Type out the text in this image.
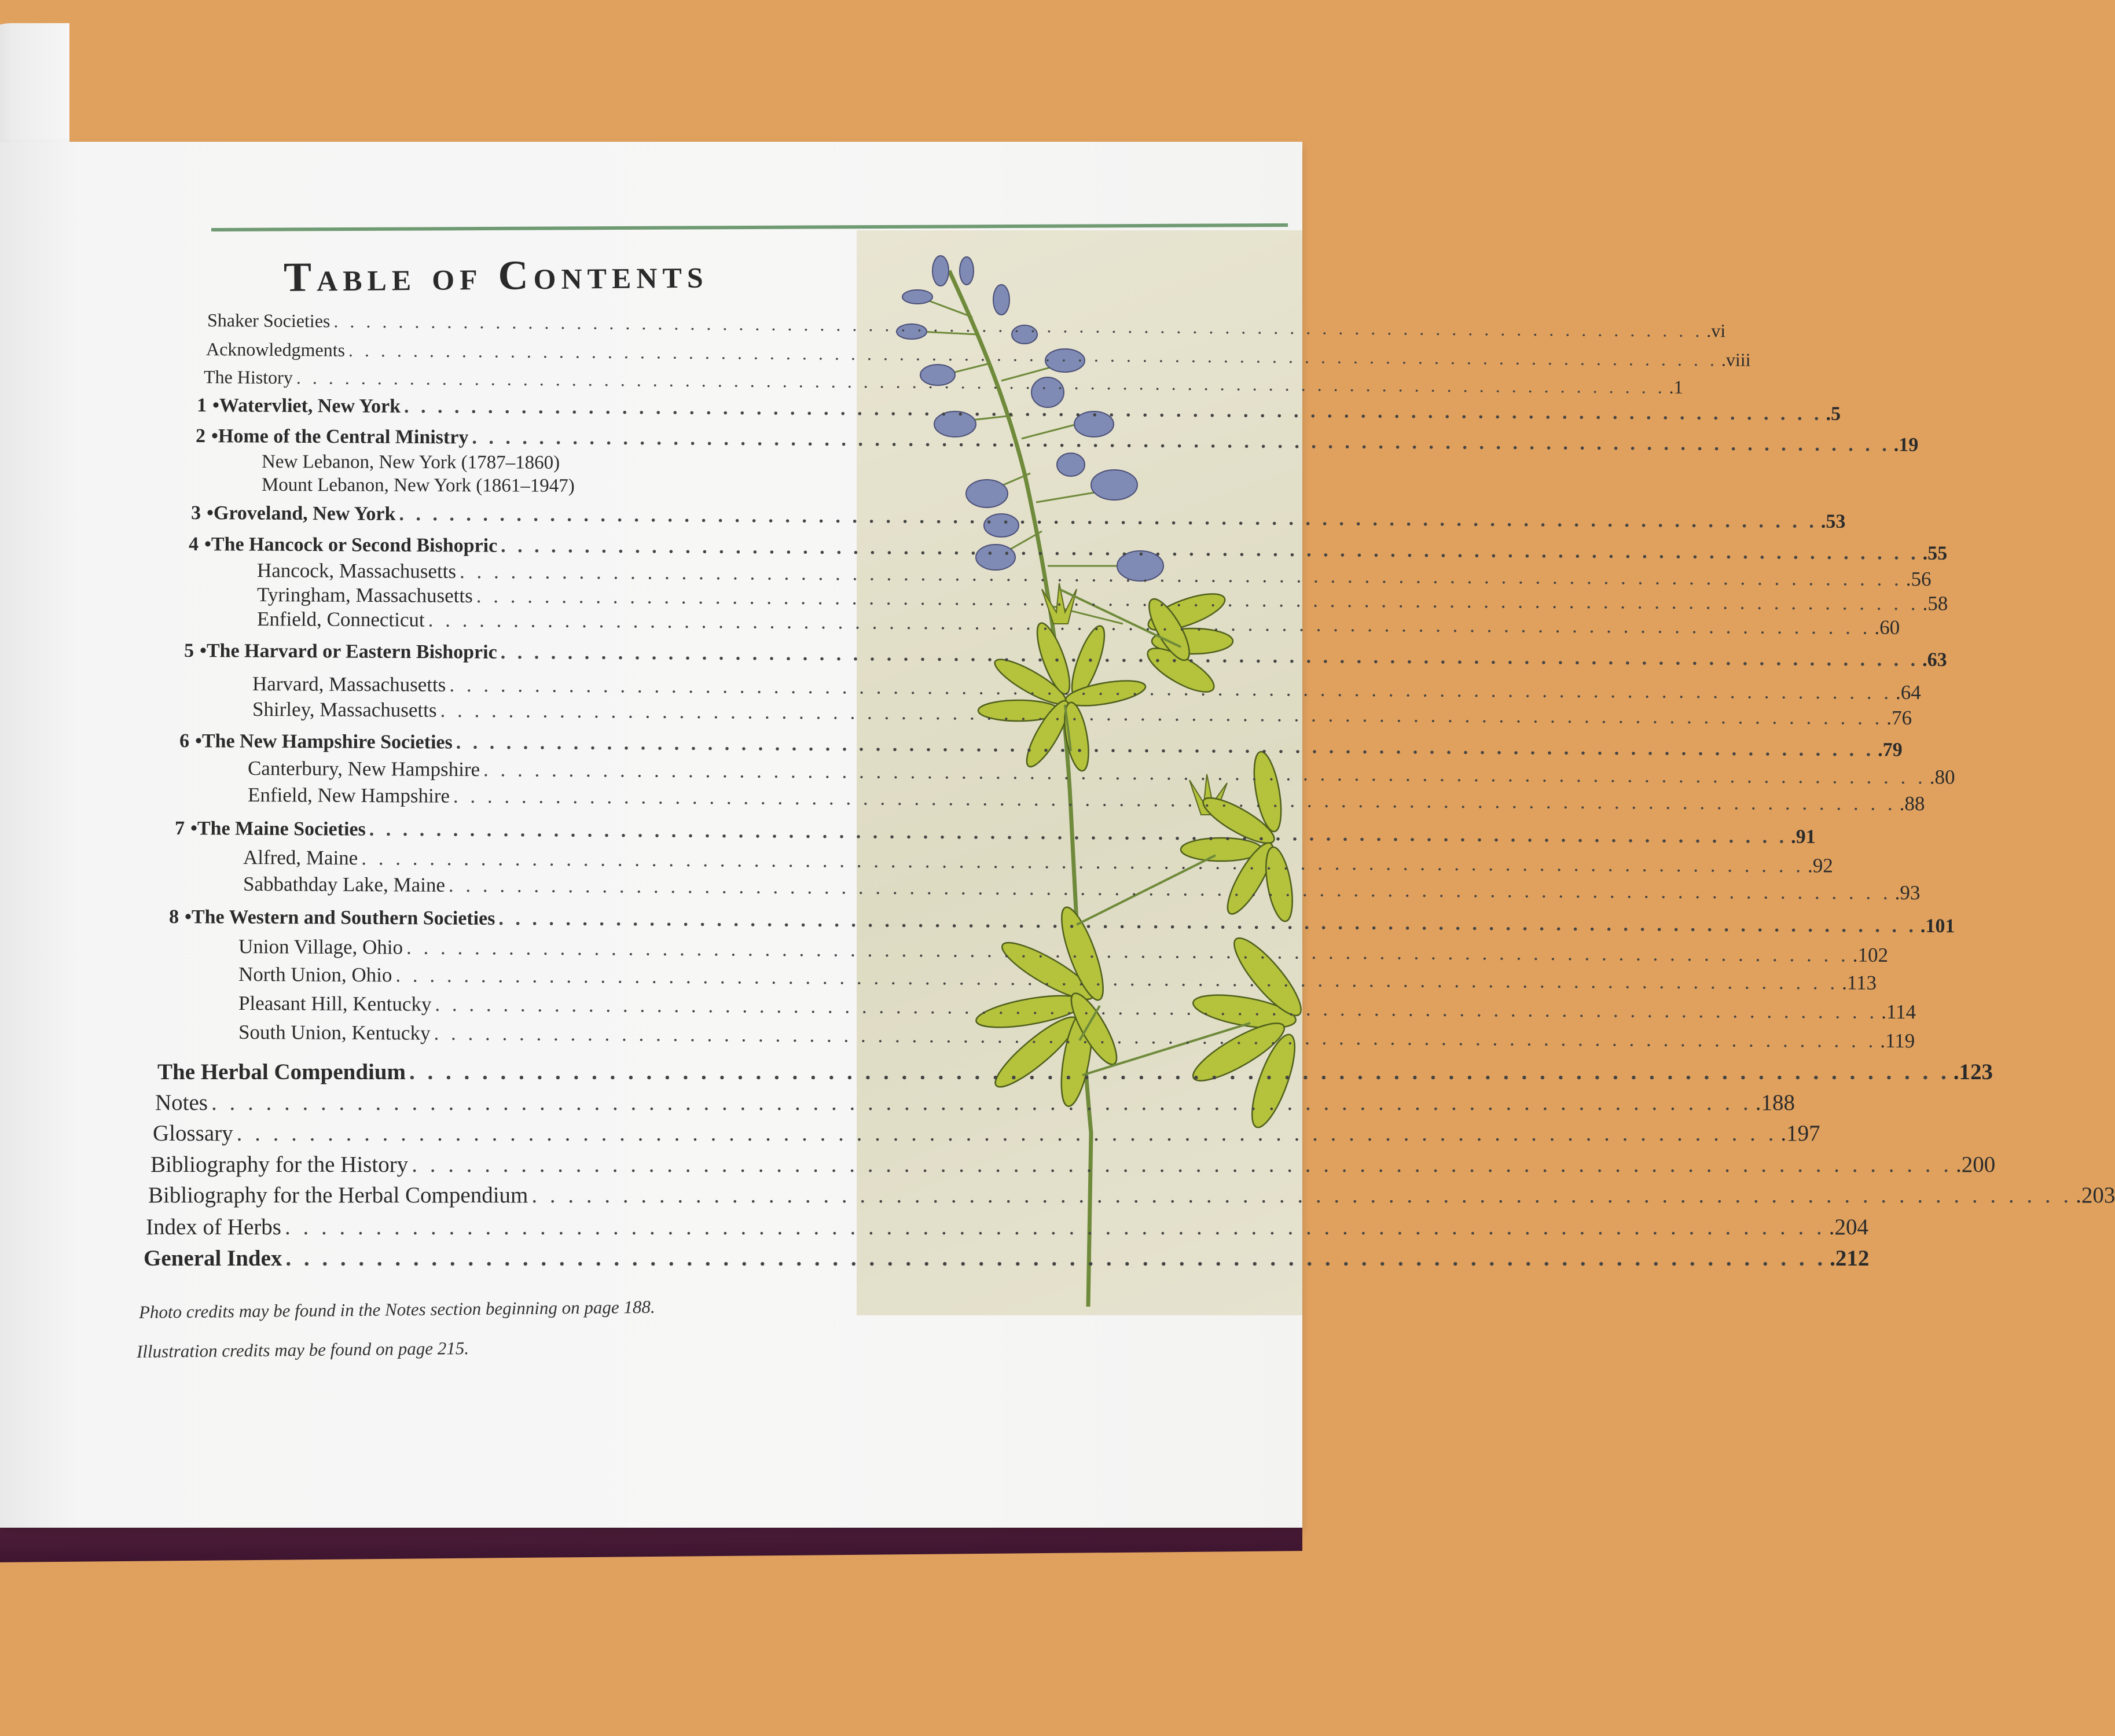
Table of Contents
Shaker Societies . . . . . . . . . . . . . . . . . . . . . . . . . . . . . . . . . . . . . . . . . . . . . . . . . . . . . . . . . . . . . . . . . . . . . . . . . . . . . . . . . . . . . .vi
Acknowledgments . . . . . . . . . . . . . . . . . . . . . . . . . . . . . . . . . . . . . . . . . . . . . . . . . . . . . . . . . . . . . . . . . . . . . . . . . . . . . . . . . . . . . .viii
The History . . . . . . . . . . . . . . . . . . . . . . . . . . . . . . . . . . . . . . . . . . . . . . . . . . . . . . . . . . . . . . . . . . . . . . . . . . . . . . . . . . . . . .1
1 • Watervliet, New York . . . . . . . . . . . . . . . . . . . . . . . . . . . . . . . . . . . . . . . . . . . . . . . . . . . . . . . . . . . . . . . . . . . . . . . . . . . . . . . . . . . . . .5
2 • Home of the Central Ministry . . . . . . . . . . . . . . . . . . . . . . . . . . . . . . . . . . . . . . . . . . . . . . . . . . . . . . . . . . . . . . . . . . . . . . . . . . . . . . . . . . . . . .19
New Lebanon, New York (1787–1860)
Mount Lebanon, New York (1861–1947)
3 • Groveland, New York . . . . . . . . . . . . . . . . . . . . . . . . . . . . . . . . . . . . . . . . . . . . . . . . . . . . . . . . . . . . . . . . . . . . . . . . . . . . . . . . . . . . . .53
4 • The Hancock or Second Bishopric . . . . . . . . . . . . . . . . . . . . . . . . . . . . . . . . . . . . . . . . . . . . . . . . . . . . . . . . . . . . . . . . . . . . . . . . . . . . . . . . . . . . . .55
Hancock, Massachusetts . . . . . . . . . . . . . . . . . . . . . . . . . . . . . . . . . . . . . . . . . . . . . . . . . . . . . . . . . . . . . . . . . . . . . . . . . . . . . . . . . . . . . .56
Tyringham, Massachusetts . . . . . . . . . . . . . . . . . . . . . . . . . . . . . . . . . . . . . . . . . . . . . . . . . . . . . . . . . . . . . . . . . . . . . . . . . . . . . . . . . . . . . .58
Enfield, Connecticut . . . . . . . . . . . . . . . . . . . . . . . . . . . . . . . . . . . . . . . . . . . . . . . . . . . . . . . . . . . . . . . . . . . . . . . . . . . . . . . . . . . . . .60
5 • The Harvard or Eastern Bishopric . . . . . . . . . . . . . . . . . . . . . . . . . . . . . . . . . . . . . . . . . . . . . . . . . . . . . . . . . . . . . . . . . . . . . . . . . . . . . . . . . . . . . .63
Harvard, Massachusetts . . . . . . . . . . . . . . . . . . . . . . . . . . . . . . . . . . . . . . . . . . . . . . . . . . . . . . . . . . . . . . . . . . . . . . . . . . . . . . . . . . . . . .64
Shirley, Massachusetts . . . . . . . . . . . . . . . . . . . . . . . . . . . . . . . . . . . . . . . . . . . . . . . . . . . . . . . . . . . . . . . . . . . . . . . . . . . . . . . . . . . . . .76
6 • The New Hampshire Societies . . . . . . . . . . . . . . . . . . . . . . . . . . . . . . . . . . . . . . . . . . . . . . . . . . . . . . . . . . . . . . . . . . . . . . . . . . . . . . . . . . . . . .79
Canterbury, New Hampshire . . . . . . . . . . . . . . . . . . . . . . . . . . . . . . . . . . . . . . . . . . . . . . . . . . . . . . . . . . . . . . . . . . . . . . . . . . . . . . . . . . . . . .80
Enfield, New Hampshire . . . . . . . . . . . . . . . . . . . . . . . . . . . . . . . . . . . . . . . . . . . . . . . . . . . . . . . . . . . . . . . . . . . . . . . . . . . . . . . . . . . . . .88
7 • The Maine Societies . . . . . . . . . . . . . . . . . . . . . . . . . . . . . . . . . . . . . . . . . . . . . . . . . . . . . . . . . . . . . . . . . . . . . . . . . . . . . . . . . . . . . .91
Alfred, Maine . . . . . . . . . . . . . . . . . . . . . . . . . . . . . . . . . . . . . . . . . . . . . . . . . . . . . . . . . . . . . . . . . . . . . . . . . . . . . . . . . . . . . .92
Sabbathday Lake, Maine . . . . . . . . . . . . . . . . . . . . . . . . . . . . . . . . . . . . . . . . . . . . . . . . . . . . . . . . . . . . . . . . . . . . . . . . . . . . . . . . . . . . . .93
8 • The Western and Southern Societies . . . . . . . . . . . . . . . . . . . . . . . . . . . . . . . . . . . . . . . . . . . . . . . . . . . . . . . . . . . . . . . . . . . . . . . . . . . . . . . . . . . . . .101
Union Village, Ohio . . . . . . . . . . . . . . . . . . . . . . . . . . . . . . . . . . . . . . . . . . . . . . . . . . . . . . . . . . . . . . . . . . . . . . . . . . . . . . . . . . . . . .102
North Union, Ohio . . . . . . . . . . . . . . . . . . . . . . . . . . . . . . . . . . . . . . . . . . . . . . . . . . . . . . . . . . . . . . . . . . . . . . . . . . . . . . . . . . . . . .113
Pleasant Hill, Kentucky . . . . . . . . . . . . . . . . . . . . . . . . . . . . . . . . . . . . . . . . . . . . . . . . . . . . . . . . . . . . . . . . . . . . . . . . . . . . . . . . . . . . . .114
South Union, Kentucky . . . . . . . . . . . . . . . . . . . . . . . . . . . . . . . . . . . . . . . . . . . . . . . . . . . . . . . . . . . . . . . . . . . . . . . . . . . . . . . . . . . . . .119
The Herbal Compendium . . . . . . . . . . . . . . . . . . . . . . . . . . . . . . . . . . . . . . . . . . . . . . . . . . . . . . . . . . . . . . . . . . . . . . . . . . . . . . . . . . . . . .123
Notes . . . . . . . . . . . . . . . . . . . . . . . . . . . . . . . . . . . . . . . . . . . . . . . . . . . . . . . . . . . . . . . . . . . . . . . . . . . . . . . . . . . . . .188
Glossary . . . . . . . . . . . . . . . . . . . . . . . . . . . . . . . . . . . . . . . . . . . . . . . . . . . . . . . . . . . . . . . . . . . . . . . . . . . . . . . . . . . . . .197
Bibliography for the History . . . . . . . . . . . . . . . . . . . . . . . . . . . . . . . . . . . . . . . . . . . . . . . . . . . . . . . . . . . . . . . . . . . . . . . . . . . . . . . . . . . . . .200
Bibliography for the Herbal Compendium . . . . . . . . . . . . . . . . . . . . . . . . . . . . . . . . . . . . . . . . . . . . . . . . . . . . . . . . . . . . . . . . . . . . . . . . . . . . . . . . . . . . . .203
Index of Herbs . . . . . . . . . . . . . . . . . . . . . . . . . . . . . . . . . . . . . . . . . . . . . . . . . . . . . . . . . . . . . . . . . . . . . . . . . . . . . . . . . . . . . .204
General Index . . . . . . . . . . . . . . . . . . . . . . . . . . . . . . . . . . . . . . . . . . . . . . . . . . . . . . . . . . . . . . . . . . . . . . . . . . . . . . . . . . . . . .212
Photo credits may be found in the Notes section beginning on page 188.
Illustration credits may be found on page 215.
